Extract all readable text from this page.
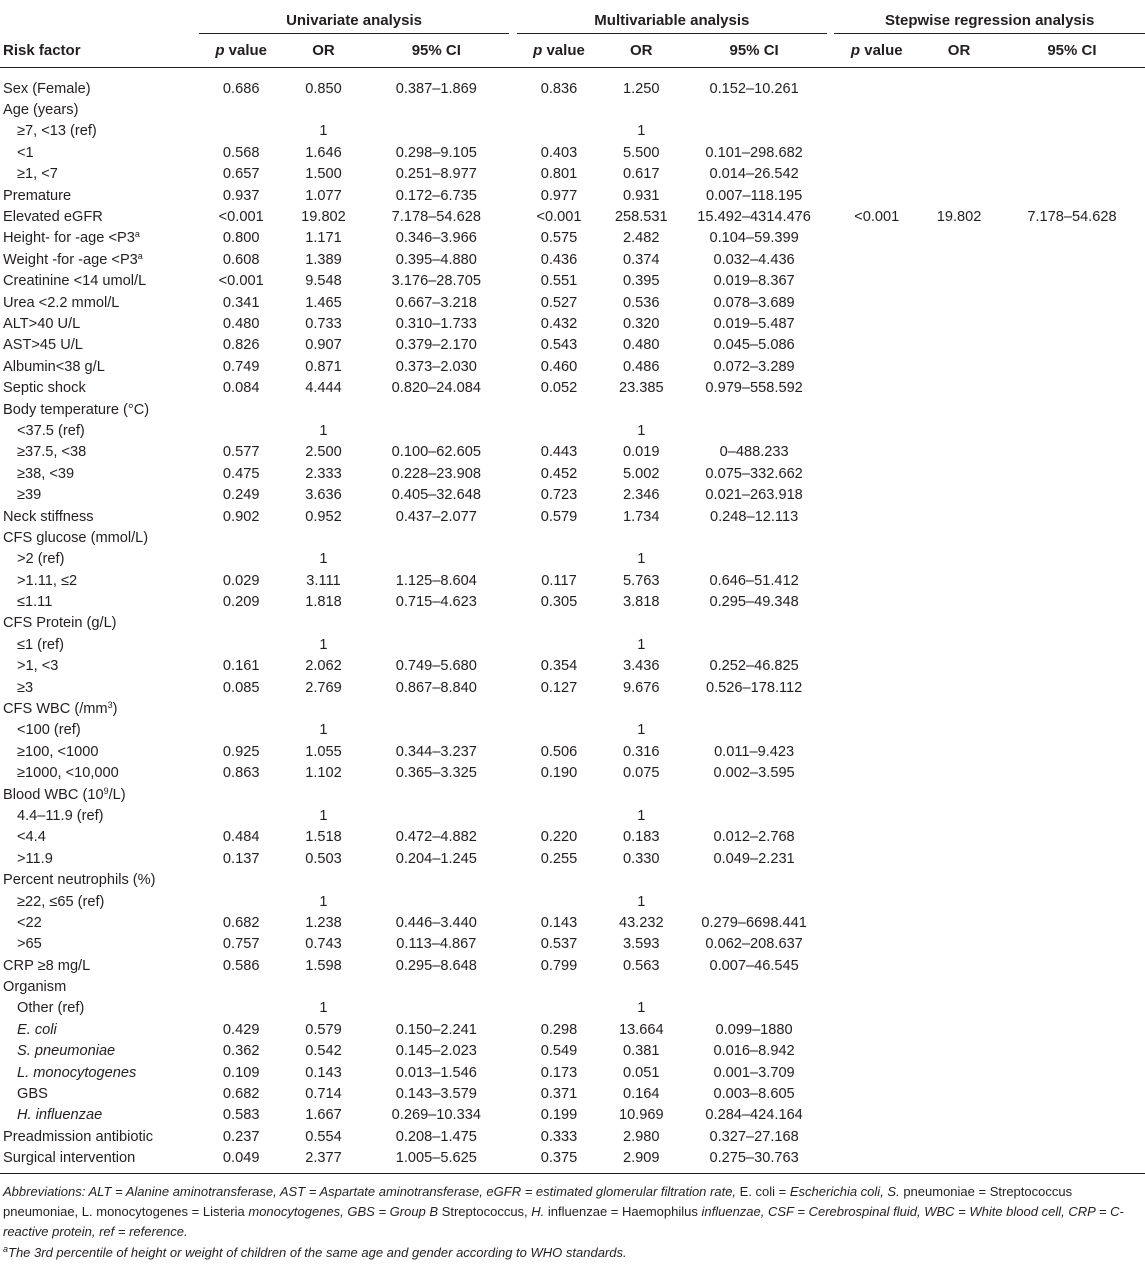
	Univariate analysis				Multivariable analysis				Stepwise regression analysis		
Risk factor	p value	OR	95% CI		p value	OR	95% CI		p value	OR	95% CI
Sex (Female)	0.686	0.850	0.387–1.869		0.836	1.250	0.152–10.261				
Age (years)											
≥7, <13 (ref)		1				1					
<1	0.568	1.646	0.298–9.105		0.403	5.500	0.101–298.682				
≥1, <7	0.657	1.500	0.251–8.977		0.801	0.617	0.014–26.542				
Premature	0.937	1.077	0.172–6.735		0.977	0.931	0.007–118.195				
Elevated eGFR	<0.001	19.802	7.178–54.628		<0.001	258.531	15.492–4314.476		<0.001	19.802	7.178–54.628
Height- for $-age <P3^a$	0.800	1.171	0.346–3.966		0.575	2.482	0.104–59.399				
Weight -for $-age <P3^a$	0.608	1.389	0.395–4.880		0.436	0.374	0.032–4.436				
Creatinine <14 umol/L	<0.001	9.548	3.176–28.705		0.551	0.395	0.019–8.367				
Urea <2.2 mmol/L	0.341	1.465	0.667–3.218		0.527	0.536	0.078–3.689				
ALT>40 U/L	0.480	0.733	0.310–1.733		0.432	0.320	0.019–5.487				
AST>45 U/L	0.826	0.907	0.379–2.170		0.543	0.480	0.045–5.086				
Albumin<38 g/L	0.749	0.871	0.373–2.030		0.460	0.486	0.072–3.289				
Septic shock	0.084	4.444	0.820–24.084		0.052	23.385	0.979–558.592				
Body temperature (°C)											
<37.5 (ref)		1				1					
≥37.5, <38	0.577	2.500	0.100–62.605		0.443	0.019	0–488.233				
≥38, <39	0.475	2.333	0.228–23.908		0.452	5.002	0.075–332.662				
≥39	0.249	3.636	0.405–32.648		0.723	2.346	0.021–263.918				
Neck stiffness	0.902	0.952	0.437–2.077		0.579	1.734	0.248–12.113				
CFS glucose (mmol/L)											
>2 (ref)		1				1					
>1.11, ≤2	0.029	3.111	1.125–8.604		0.117	5.763	0.646–51.412				
≤1.11	0.209	1.818	0.715–4.623		0.305	3.818	0.295–49.348				
CFS Protein (g/L)											
≤1 (ref)		1				1					
>1, <3	0.161	2.062	0.749–5.680		0.354	3.436	0.252–46.825				
≥3	0.085	2.769	0.867–8.840		0.127	9.676	0.526–178.112				
CFS WBC $(/mm^3)$											
<100 (ref)		1				1					
≥100, <1000	0.925	1.055	0.344–3.237		0.506	0.316	0.011–9.423				
≥1000, <10,000	0.863	1.102	0.365–3.325		0.190	0.075	0.002–3.595				
Blood WBC $(10^9/L)$											
4.4–11.9 (ref)		1				1					
<4.4	0.484	1.518	0.472–4.882		0.220	0.183	0.012–2.768				
>11.9	0.137	0.503	0.204–1.245		0.255	0.330	0.049–2.231				
Percent neutrophils (%)											
≥22, ≤65 (ref)		1				1					
<22	0.682	1.238	0.446–3.440		0.143	43.232	0.279–6698.441				
>65	0.757	0.743	0.113–4.867		0.537	3.593	0.062–208.637				
CRP ≥8 mg/L	0.586	1.598	0.295–8.648		0.799	0.563	0.007–46.545				
Organism											
Other (ref)		1				1					
E. coli	0.429	0.579	0.150–2.241		0.298	13.664	0.099–1880				
S. pneumoniae	0.362	0.542	0.145–2.023		0.549	0.381	0.016–8.942				
L. monocytogenes	0.109	0.143	0.013–1.546		0.173	0.051	0.001–3.709				
GBS	0.682	0.714	0.143–3.579		0.371	0.164	0.003–8.605				
H. influenzae	0.583	1.667	0.269–10.334		0.199	10.969	0.284–424.164				
Preadmission antibiotic	0.237	0.554	0.208–1.475		0.333	2.980	0.327–27.168				
Surgical intervention	0.049	2.377	1.005–5.625		0.375	2.909	0.275–30.763				

Abbreviations: ALT = Alanine aminotransferase, AST = Aspartate aminotransferase, eGFR = estimated glomerular filtration rate, E. coli = Escherichia coli, S. pneumoniae = Streptococcus pneumoniae, L. monocytogenes = Listeria monocytogenes, GBS = Group B Streptococcus, H. influenzae = Haemophilus influenzae, CSF = Cerebrospinal fluid, WBC = White blood cell, CRP = C-reactive protein, ref = reference.

$^a$The 3rd percentile of height or weight of children of the same age and gender according to WHO standards.
